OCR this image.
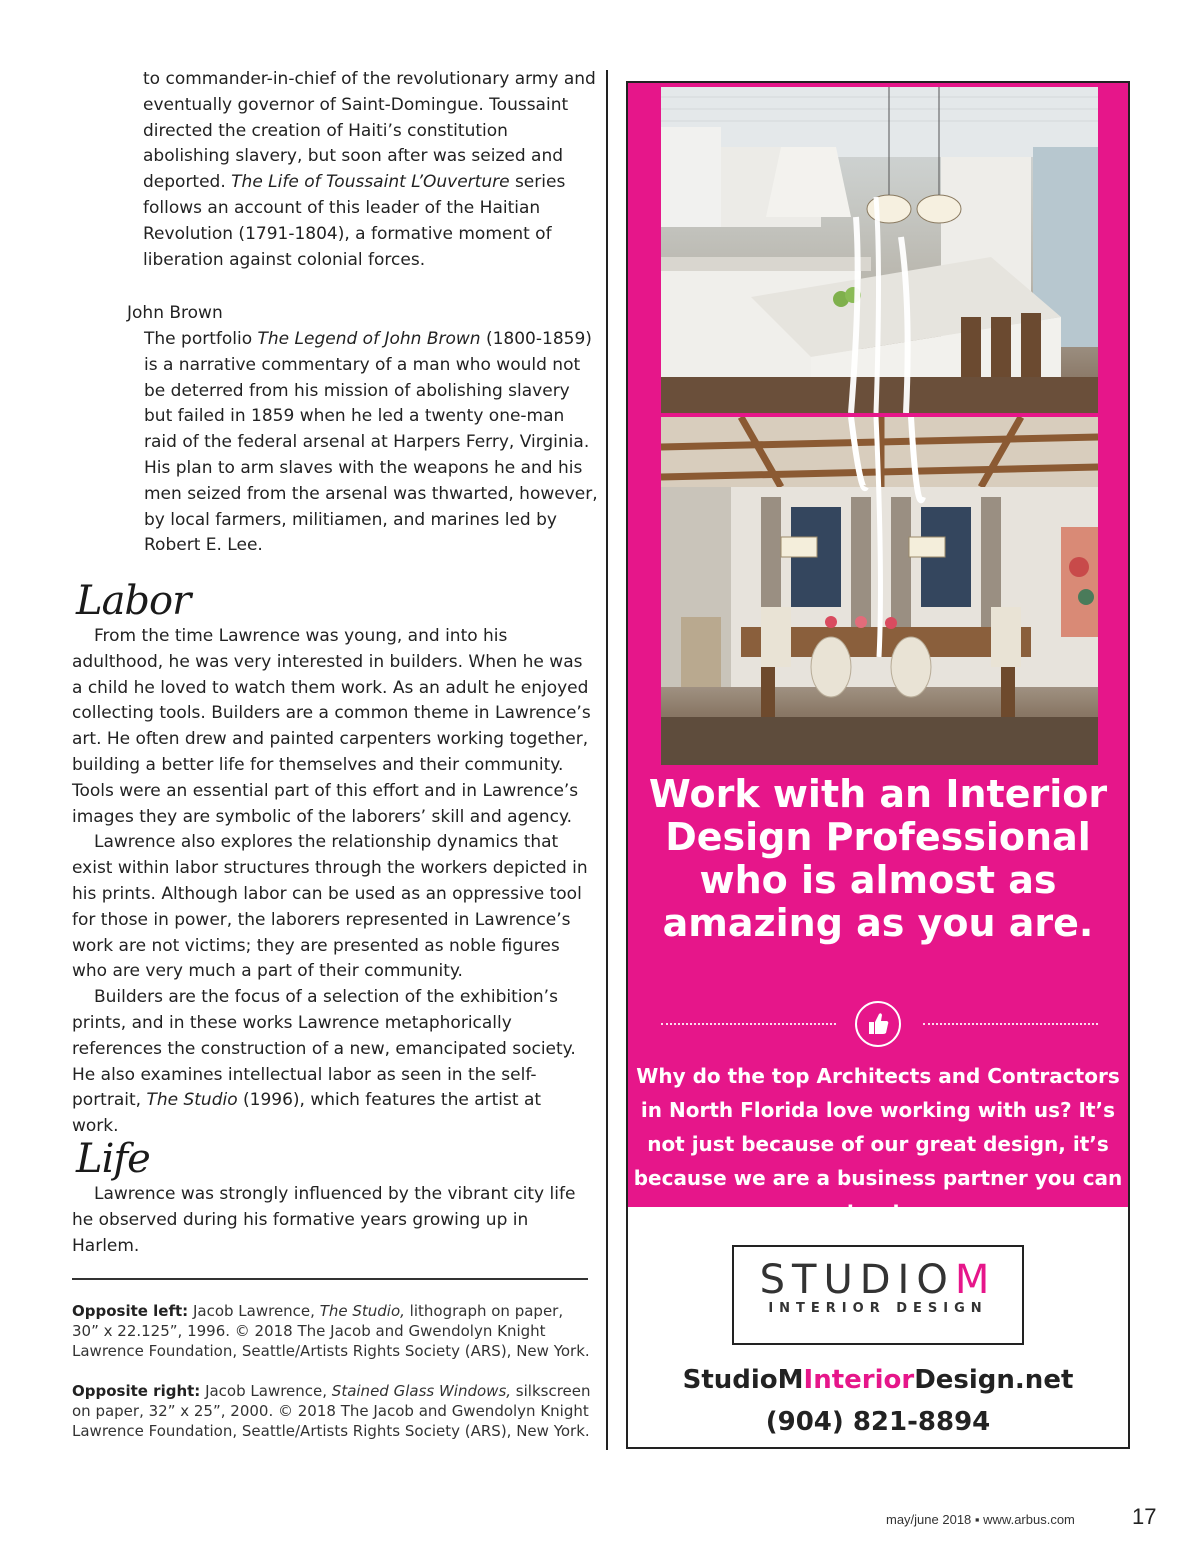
to commander-in-chief of the revolutionary army and eventually governor of Saint-Domingue. Toussaint directed the creation of Haiti’s constitution abolishing slavery, but soon after was seized and deported. The Life of Toussaint L’Ouverture series follows an account of this leader of the Haitian Revolution (1791-1804), a formative moment of liberation against colonial forces.

John Brown

The portfolio The Legend of John Brown (1800-1859) is a narrative commentary of a man who would not be deterred from his mission of abolishing slavery but failed in 1859 when he led a twenty one-man raid of the federal arsenal at Harpers Ferry, Virginia. His plan to arm slaves with the weapons he and his men seized from the arsenal was thwarted, however, by local farmers, militiamen, and marines led by Robert E. Lee.

Labor

From the time Lawrence was young, and into his adulthood, he was very interested in builders. When he was a child he loved to watch them work. As an adult he enjoyed collecting tools. Builders are a common theme in Lawrence’s art. He often drew and painted carpenters working together, building a better life for themselves and their community. Tools were an essential part of this effort and in Lawrence’s images they are symbolic of the laborers’ skill and agency.

Lawrence also explores the relationship dynamics that exist within labor structures through the workers depicted in his prints. Although labor can be used as an oppressive tool for those in power, the laborers represented in Lawrence’s work are not victims; they are presented as noble figures who are very much a part of their community.

Builders are the focus of a selection of the exhibition’s prints, and in these works Lawrence metaphorically references the construction of a new, emancipated society. He also examines intellectual labor as seen in the self-portrait, The Studio (1996), which features the artist at work.

Life

Lawrence was strongly influenced by the vibrant city life he observed during his formative years growing up in Harlem.

Opposite left: Jacob Lawrence, The Studio, lithograph on paper, 30” x 22.125”, 1996. © 2018 The Jacob and Gwendolyn Knight Lawrence Foundation, Seattle/Artists Rights Society (ARS), New York.
Opposite right: Jacob Lawrence, Stained Glass Windows, silkscreen on paper, 32” x 25”, 2000. © 2018 The Jacob and Gwendolyn Knight Lawrence Foundation, Seattle/Artists Rights Society (ARS), New York.
Work with an Interior Design Professional who is almost as amazing as you are.
Why do the top Architects and Contractors in North Florida love working with us? It’s not just because of our great design, it’s because we are a business partner you can
STUDIOM
INTERIOR DESIGN
StudioMInteriorDesign.net
(904) 821-8894
may/june 2018 ▪ www.arbus.com	17
